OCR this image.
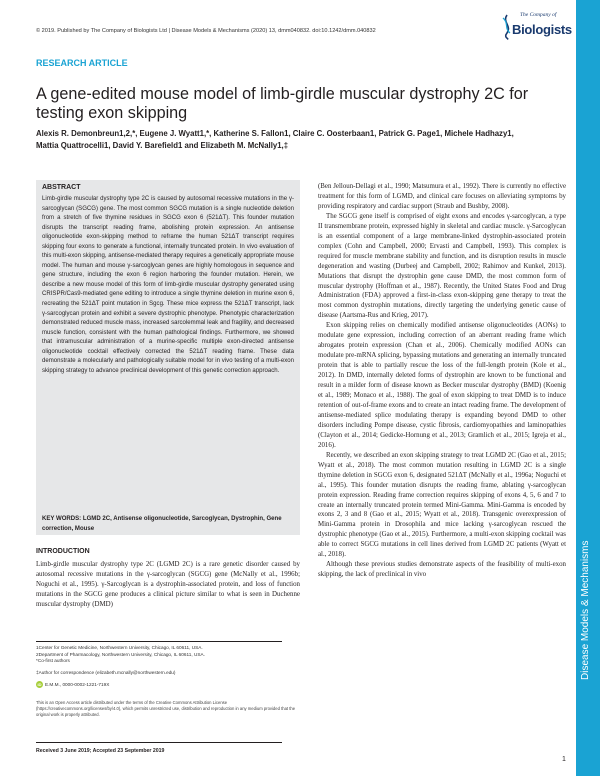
© 2019. Published by The Company of Biologists Ltd | Disease Models & Mechanisms (2020) 13, dmm040832. doi:10.1242/dmm.040832
The Company of
Biologists
RESEARCH ARTICLE
A gene-edited mouse model of limb-girdle muscular dystrophy 2C for testing exon skipping
Alexis R. Demonbreun1,2,*, Eugene J. Wyatt1,*, Katherine S. Fallon1, Claire C. Oosterbaan1, Patrick G. Page1, Michele Hadhazy1, Mattia Quattrocelli1, David Y. Barefield1 and Elizabeth M. McNally1,‡
ABSTRACT
Limb-girdle muscular dystrophy type 2C is caused by autosomal recessive mutations in the γ-sarcoglycan (SGCG) gene. The most common SGCG mutation is a single nucleotide deletion from a stretch of five thymine residues in SGCG exon 6 (521ΔT). This founder mutation disrupts the transcript reading frame, abolishing protein expression. An antisense oligonucleotide exon-skipping method to reframe the human 521ΔT transcript requires skipping four exons to generate a functional, internally truncated protein. In vivo evaluation of this multi-exon skipping, antisense-mediated therapy requires a genetically appropriate mouse model. The human and mouse γ-sarcoglycan genes are highly homologous in sequence and gene structure, including the exon 6 region harboring the founder mutation. Herein, we describe a new mouse model of this form of limb-girdle muscular dystrophy generated using CRISPR/Cas9-mediated gene editing to introduce a single thymine deletion in murine exon 6, recreating the 521ΔT point mutation in Sgcg. These mice express the 521ΔT transcript, lack γ-sarcoglycan protein and exhibit a severe dystrophic phenotype. Phenotypic characterization demonstrated reduced muscle mass, increased sarcolemmal leak and fragility, and decreased muscle function, consistent with the human pathological findings. Furthermore, we showed that intramuscular administration of a murine-specific multiple exon-directed antisense oligonucleotide cocktail effectively corrected the 521ΔT reading frame. These data demonstrate a molecularly and pathologically suitable model for in vivo testing of a multi-exon skipping strategy to advance preclinical development of this genetic correction approach.
KEY WORDS: LGMD 2C, Antisense oligonucleotide, Sarcoglycan, Dystrophin, Gene correction, Mouse
INTRODUCTION
Limb-girdle muscular dystrophy type 2C (LGMD 2C) is a rare genetic disorder caused by autosomal recessive mutations in the γ-sarcoglycan (SGCG) gene (McNally et al., 1996b; Noguchi et al., 1995). γ-Sarcoglycan is a dystrophin-associated protein, and loss of function mutations in the SGCG gene produces a clinical picture similar to what is seen in Duchenne muscular dystrophy (DMD)

1Center for Genetic Medicine, Northwestern University, Chicago, IL 60611, USA.

2Department of Pharmacology, Northwestern University, Chicago, IL 60611, USA.

*Co-first authors

‡Author for correspondence (elizabeth.mcnally@northwestern.edu)

iD E.M.M., 0000-0002-1221-719X
This is an Open Access article distributed under the terms of the Creative Commons Attribution License (https://creativecommons.org/licenses/by/4.0), which permits unrestricted use, distribution and reproduction in any medium provided that the original work is properly attributed.
Received 3 June 2019; Accepted 23 September 2019

(Ben Jelloun-Dellagi et al., 1990; Matsumura et al., 1992). There is currently no effective treatment for this form of LGMD, and clinical care focuses on alleviating symptoms by providing respiratory and cardiac support (Straub and Bushby, 2008).

The SGCG gene itself is comprised of eight exons and encodes γ-sarcoglycan, a type II transmembrane protein, expressed highly in skeletal and cardiac muscle. γ-Sarcoglycan is an essential component of a large membrane-linked dystrophin-associated protein complex (Cohn and Campbell, 2000; Ervasti and Campbell, 1993). This complex is required for muscle membrane stability and function, and its disruption results in muscle degeneration and wasting (Durbeej and Campbell, 2002; Rahimov and Kunkel, 2013). Mutations that disrupt the dystrophin gene cause DMD, the most common form of muscular dystrophy (Hoffman et al., 1987). Recently, the United States Food and Drug Administration (FDA) approved a first-in-class exon-skipping gene therapy to treat the most common dystrophin mutations, directly targeting the underlying genetic cause of disease (Aartsma-Rus and Krieg, 2017).

Exon skipping relies on chemically modified antisense oligonucleotides (AONs) to modulate gene expression, including correction of an aberrant reading frame which abrogates protein expression (Chan et al., 2006). Chemically modified AONs can modulate pre-mRNA splicing, bypassing mutations and generating an internally truncated protein that is able to partially rescue the loss of the full-length protein (Kole et al., 2012). In DMD, internally deleted forms of dystrophin are known to be functional and result in a milder form of disease known as Becker muscular dystrophy (BMD) (Koenig et al., 1989; Monaco et al., 1988). The goal of exon skipping to treat DMD is to induce retention of out-of-frame exons and to create an intact reading frame. The development of antisense-mediated splice modulating therapy is expanding beyond DMD to other disorders including Pompe disease, cystic fibrosis, cardiomyopathies and laminopathies (Clayton et al., 2014; Gedicke-Hornung et al., 2013; Gramlich et al., 2015; Igreja et al., 2016).

Recently, we described an exon skipping strategy to treat LGMD 2C (Gao et al., 2015; Wyatt et al., 2018). The most common mutation resulting in LGMD 2C is a single thymine deletion in SGCG exon 6, designated 521ΔT (McNally et al., 1996a; Noguchi et al., 1995). This founder mutation disrupts the reading frame, ablating γ-sarcoglycan protein expression. Reading frame correction requires skipping of exons 4, 5, 6 and 7 to create an internally truncated protein termed Mini-Gamma. Mini-Gamma is encoded by exons 2, 3 and 8 (Gao et al., 2015; Wyatt et al., 2018). Transgenic overexpression of Mini-Gamma protein in Drosophila and mice lacking γ-sarcoglycan rescued the dystrophic phenotype (Gao et al., 2015). Furthermore, a multi-exon skipping cocktail was able to correct SGCG mutations in cell lines derived from LGMD 2C patients (Wyatt et al., 2018).

Although these previous studies demonstrate aspects of the feasibility of multi-exon skipping, the lack of preclinical in vivo	Disease Models & Mechanisms
1
